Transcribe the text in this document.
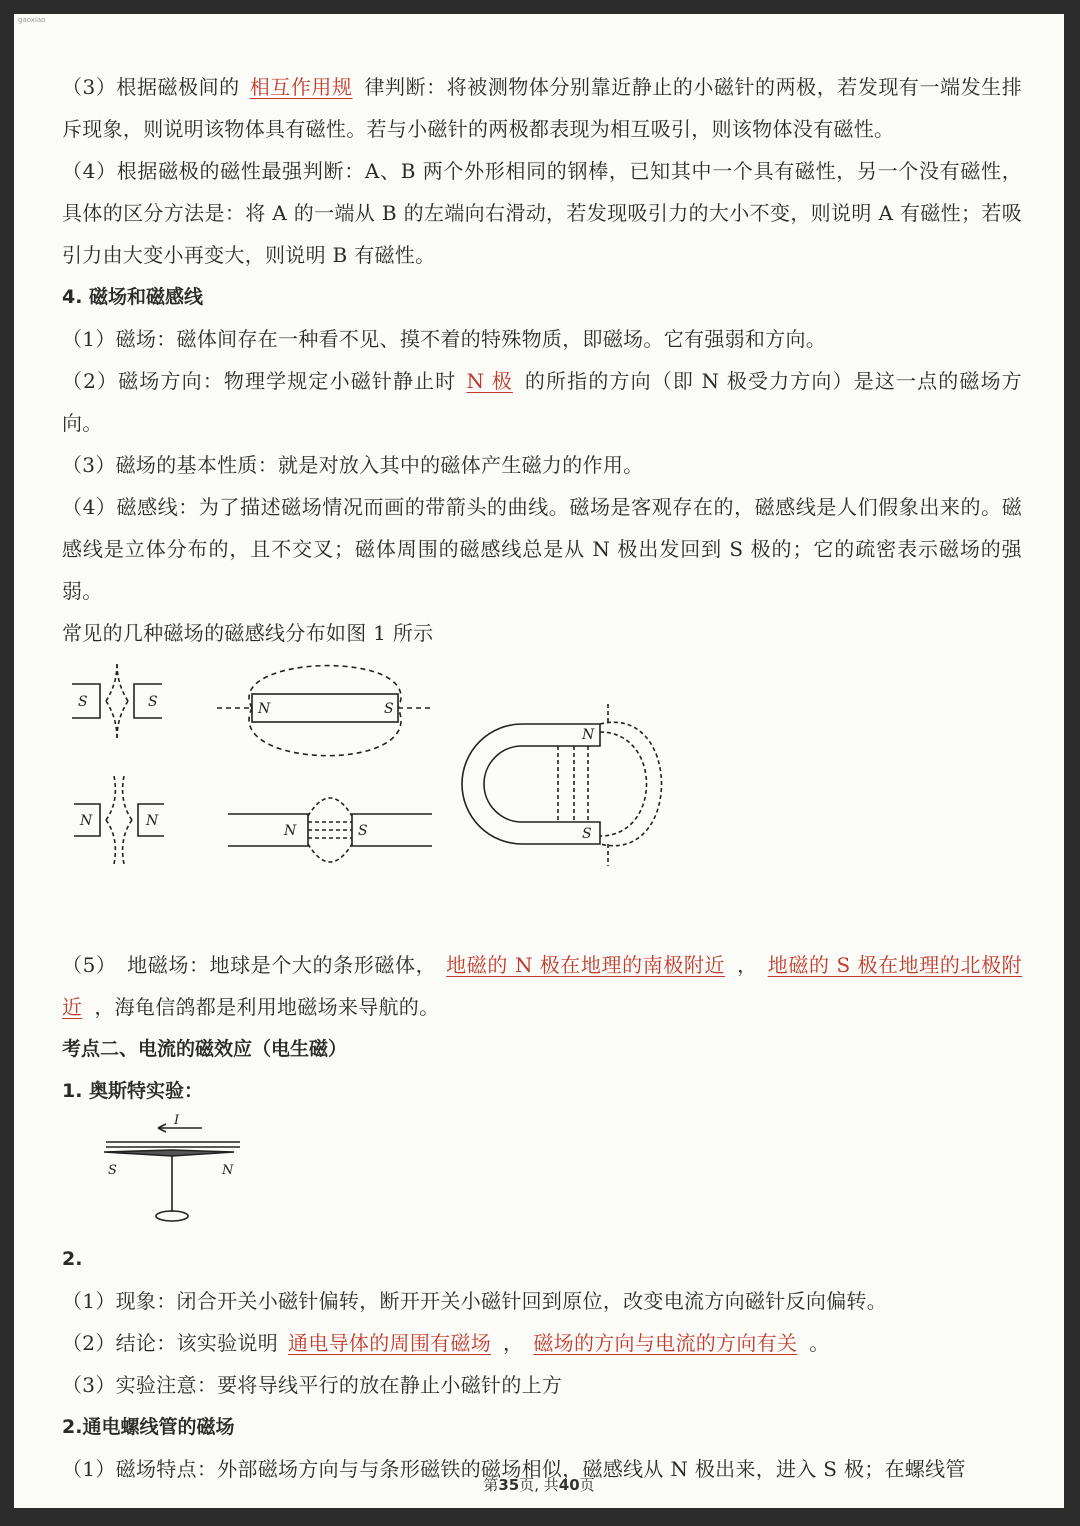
gaoxiao

（3）根据磁极间的 相互作用规 律判断：将被测物体分别靠近静止的小磁针的两极，若发现有一端发生排斥现象，则说明该物体具有磁性。若与小磁针的两极都表现为相互吸引，则该物体没有磁性。

（4）根据磁极的磁性最强判断：A、B 两个外形相同的钢棒，已知其中一个具有磁性，另一个没有磁性，具体的区分方法是：将 A 的一端从 B 的左端向右滑动，若发现吸引力的大小不变，则说明 A 有磁性；若吸引力由大变小再变大，则说明 B 有磁性。

4. 磁场和磁感线

（1）磁场：磁体间存在一种看不见、摸不着的特殊物质，即磁场。它有强弱和方向。

（2）磁场方向：物理学规定小磁针静止时 N 极 的所指的方向（即 N 极受力方向）是这一点的磁场方向。

（3）磁场的基本性质：就是对放入其中的磁体产生磁力的作用。

（4）磁感线：为了描述磁场情况而画的带箭头的曲线。磁场是客观存在的，磁感线是人们假象出来的。磁感线是立体分布的，且不交叉；磁体周围的磁感线总是从 N 极出发回到 S 极的；它的疏密表示磁场的强弱。

常见的几种磁场的磁感线分布如图 1 所示

S	S
N	N
N	S
N	S
N
S

（5）　地磁场：地球是个大的条形磁体， 地磁的 N 极在地理的南极附近 ， 地磁的 S 极在地理的北极附近 ，海龟信鸽都是利用地磁场来导航的。

考点二、电流的磁效应（电生磁）

1. 奥斯特实验：

I
S	N

2.

（1）现象：闭合开关小磁针偏转，断开开关小磁针回到原位，改变电流方向磁针反向偏转。

（2）结论：该实验说明 通电导体的周围有磁场 ， 磁场的方向与电流的方向有关 。

（3）实验注意：要将导线平行的放在静止小磁针的上方

2.通电螺线管的磁场

（1）磁场特点：外部磁场方向与与条形磁铁的磁场相似，磁感线从 N 极出来，进入 S 极；在螺线管

第35页, 共40页
